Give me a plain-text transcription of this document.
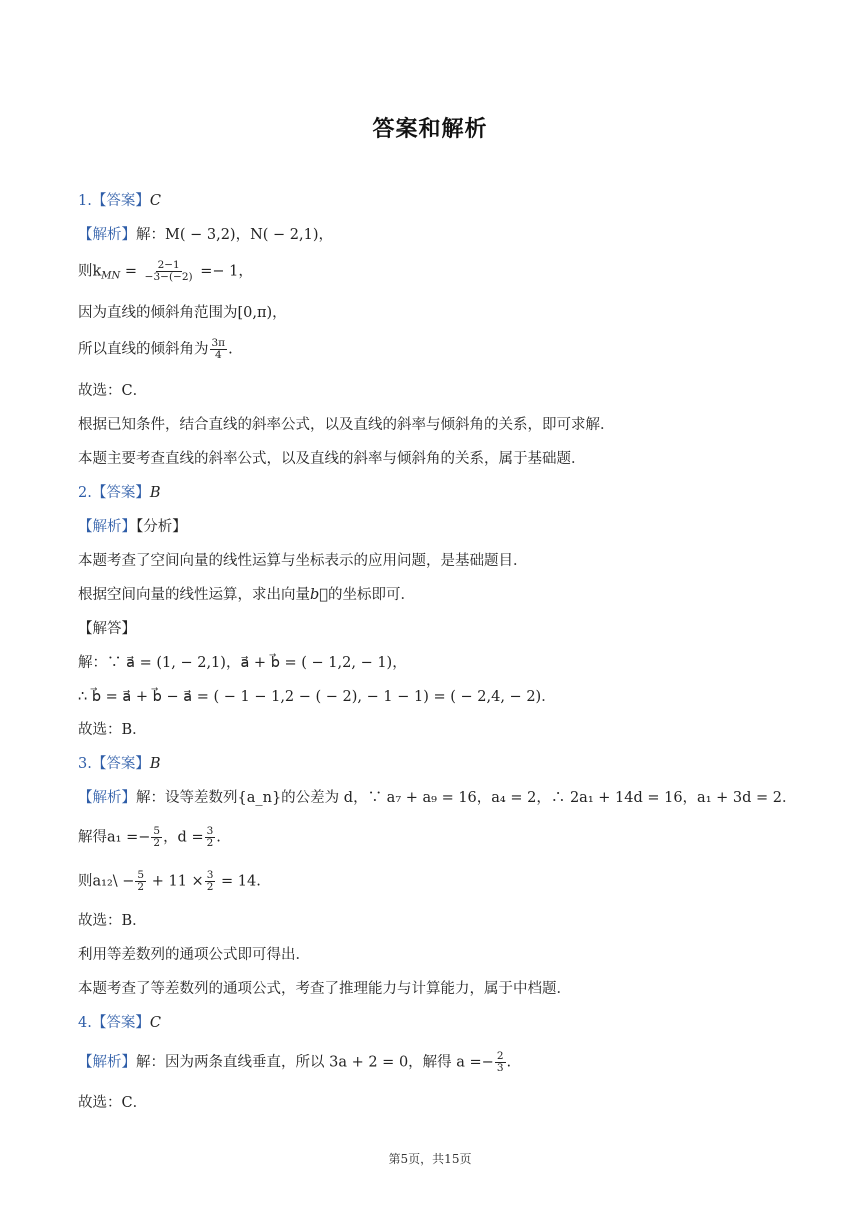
答案和解析
1.【答案】C
【解析】解：M( − 3,2)，N( − 2,1)，
则$k_{MN} = \frac{2-1}{-3-(-2)} =- 1$，
因为直线的倾斜角范围为[0,π)，
所以直线的倾斜角为 $\frac{3\pi}{4}$ .
故选：C．
根据已知条件，结合直线的斜率公式，以及直线的斜率与倾斜角的关系，即可求解．
本题主要考查直线的斜率公式，以及直线的斜率与倾斜角的关系，属于基础题．
2.【答案】B
【解析】【分析】
本题考查了空间向量的线性运算与坐标表示的应用问题，是基础题目．
根据空间向量的线性运算，求出向量b⃗的坐标即可．
【解答】
解：∵ a⃗ = (1, − 2,1)，a⃗ + b⃗ = ( − 1,2, − 1)，
∴ b⃗ = a⃗ + b⃗ − a⃗ = ( − 1 − 1,2 − ( − 2), − 1 − 1) = ( − 2,4, − 2)．
故选：B．
3.【答案】B
【解析】解：设等差数列{a_n}的公差为 d，∵ a₇ + a₉ = 16，a₄ = 2，∴ 2a₁ + 14d = 16，a₁ + 3d = 2．
解得$a_1 =- \frac{5}{2}$ ，$d = \frac{3}{2}$ .
则a₁₂\ − $\frac{5}{2} + 11 \times \frac{3}{2} = 14$.
故选：B．
利用等差数列的通项公式即可得出．
本题考查了等差数列的通项公式，考查了推理能力与计算能力，属于中档题．
4.【答案】C
【解析】解：因为两条直线垂直，所以 3a + 2 = 0，解得 $a =- \frac{2}{3}$ .
故选：C．
第5页，共15页
